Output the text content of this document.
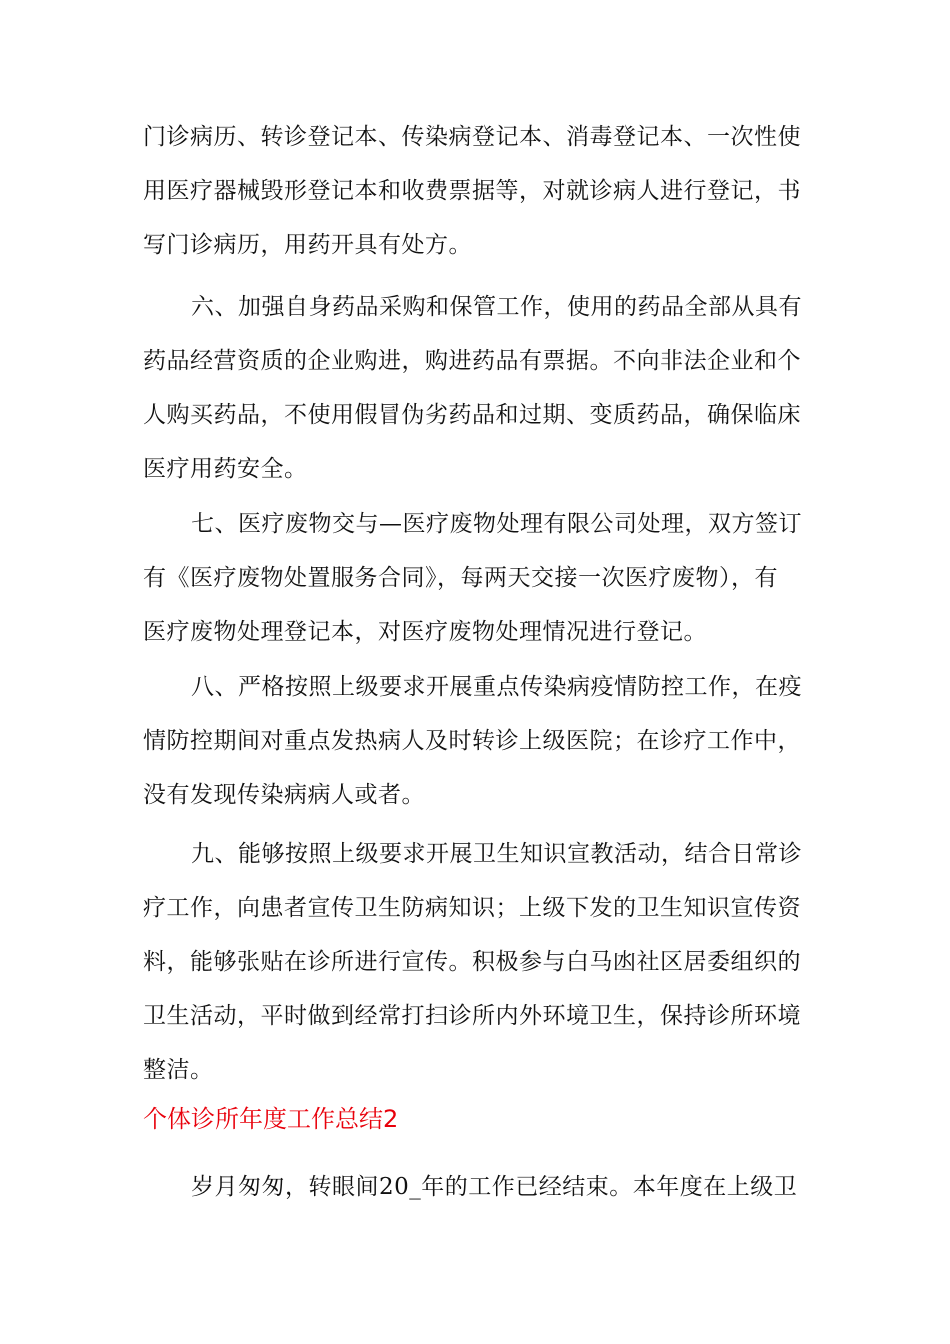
门诊病历、转诊登记本、传染病登记本、消毒登记本、一次性使
用医疗器械毁形登记本和收费票据等，对就诊病人进行登记，书
写门诊病历，用药开具有处方。

六、加强自身药品采购和保管工作，使用的药品全部从具有
药品经营资质的企业购进，购进药品有票据。不向非法企业和个
人购买药品，不使用假冒伪劣药品和过期、变质药品，确保临床
医疗用药安全。

七、医疗废物交与—医疗废物处理有限公司处理，双方签订
有《医疗废物处置服务合同》，每两天交接一次医疗废物），有
医疗废物处理登记本，对医疗废物处理情况进行登记。

八、严格按照上级要求开展重点传染病疫情防控工作，在疫
情防控期间对重点发热病人及时转诊上级医院；在诊疗工作中，
没有发现传染病病人或者。

九、能够按照上级要求开展卫生知识宣教活动，结合日常诊
疗工作，向患者宣传卫生防病知识；上级下发的卫生知识宣传资
料，能够张贴在诊所进行宣传。积极参与白马凼社区居委组织的
卫生活动，平时做到经常打扫诊所内外环境卫生，保持诊所环境
整洁。

个体诊所年度工作总结2

岁月匆匆，转眼间20_年的工作已经结束。本年度在上级卫
